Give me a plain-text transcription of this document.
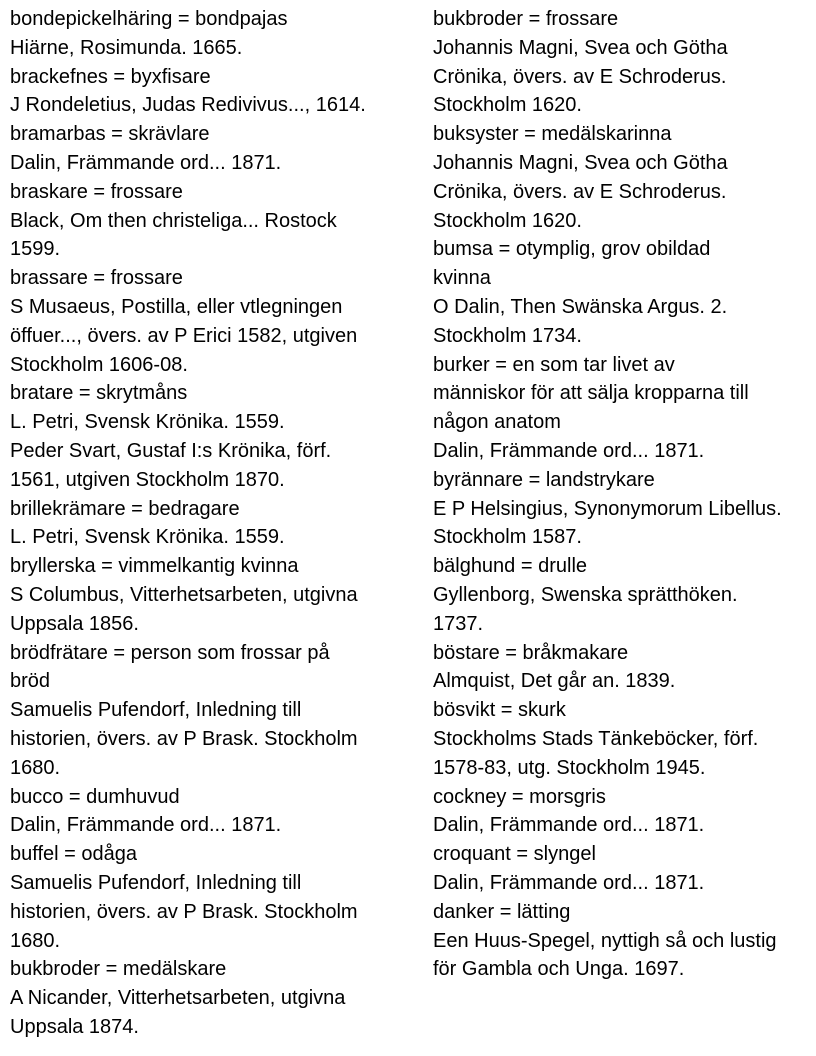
bondepickelhäring = bondpajas
Hiärne, Rosimunda. 1665.
brackefnes = byxfisare
J Rondeletius, Judas Redivivus..., 1614.
bramarbas = skrävlare
Dalin, Främmande ord... 1871.
braskare = frossare
Black, Om then christeliga... Rostock
1599.
brassare = frossare
S Musaeus, Postilla, eller vtlegningen
öffuer..., övers. av P Erici 1582, utgiven
Stockholm 1606-08.
bratare = skrytmåns
L. Petri, Svensk Krönika. 1559.
Peder Svart, Gustaf I:s Krönika, förf.
1561, utgiven Stockholm 1870.
brillekrämare = bedragare
L. Petri, Svensk Krönika. 1559.
bryllerska = vimmelkantig kvinna
S Columbus, Vitterhetsarbeten, utgivna
Uppsala 1856.
brödfrätare = person som frossar på
bröd
Samuelis Pufendorf, Inledning till
historien, övers. av P Brask. Stockholm
1680.
bucco = dumhuvud
Dalin, Främmande ord... 1871.
buffel = odåga
Samuelis Pufendorf, Inledning till
historien, övers. av P Brask. Stockholm
1680.
bukbroder = medälskare
A Nicander, Vitterhetsarbeten, utgivna
Uppsala 1874.
bukbroder = frossare
Johannis Magni, Svea och Götha
Crönika, övers. av E Schroderus.
Stockholm 1620.
buksyster = medälskarinna
Johannis Magni, Svea och Götha
Crönika, övers. av E Schroderus.
Stockholm 1620.
bumsa = otymplig, grov obildad
kvinna
O Dalin, Then Swänska Argus. 2.
Stockholm 1734.
burker = en som tar livet av
människor för att sälja kropparna till
någon anatom
Dalin, Främmande ord... 1871.
byrännare = landstrykare
E P Helsingius, Synonymorum Libellus.
Stockholm 1587.
bälghund = drulle
Gyllenborg, Swenska sprätthöken.
1737.
böstare = bråkmakare
Almquist, Det går an. 1839.
bösvikt = skurk
Stockholms Stads Tänkeböcker, förf.
1578-83, utg. Stockholm 1945.
cockney = morsgris
Dalin, Främmande ord... 1871.
croquant = slyngel
Dalin, Främmande ord... 1871.
danker = lätting
Een Huus-Spegel, nyttigh så och lustig
för Gambla och Unga. 1697.
